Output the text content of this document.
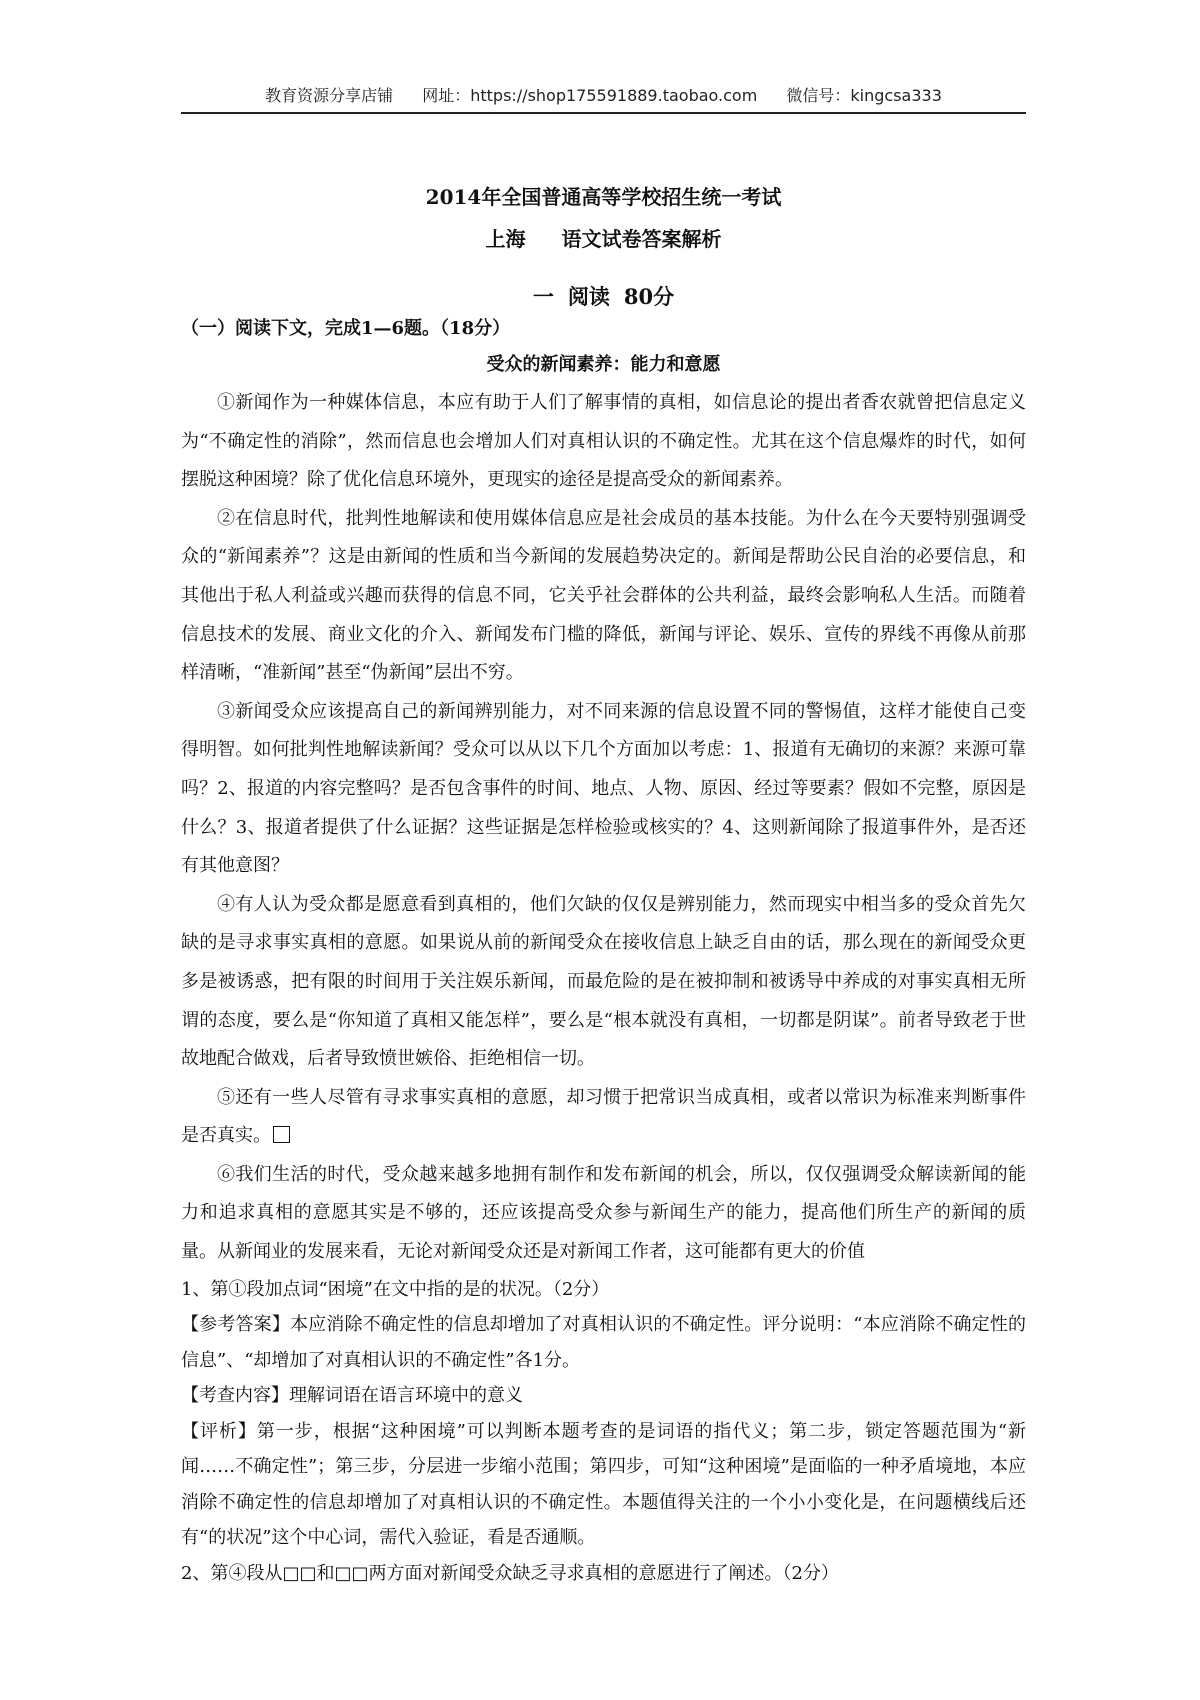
教育资源分享店铺 网址：https://shop175591889.taobao.com 微信号：kingcsa333
2014年全国普通高等学校招生统一考试
上海 语文试卷答案解析
一 阅读 80分

（一）阅读下文，完成1—6题。（18分）

受众的新闻素养：能力和意愿

①新闻作为一种媒体信息，本应有助于人们了解事情的真相，如信息论的提出者香农就曾把信息定义为“不确定性的消除”，然而信息也会增加人们对真相认识的不确定性。尤其在这个信息爆炸的时代，如何摆脱这种困境？除了优化信息环境外，更现实的途径是提高受众的新闻素养。

②在信息时代，批判性地解读和使用媒体信息应是社会成员的基本技能。为什么在今天要特别强调受众的“新闻素养”？这是由新闻的性质和当今新闻的发展趋势决定的。新闻是帮助公民自治的必要信息，和其他出于私人利益或兴趣而获得的信息不同，它关乎社会群体的公共利益，最终会影响私人生活。而随着信息技术的发展、商业文化的介入、新闻发布门槛的降低，新闻与评论、娱乐、宣传的界线不再像从前那样清晰，“准新闻”甚至“伪新闻”层出不穷。

③新闻受众应该提高自己的新闻辨别能力，对不同来源的信息设置不同的警惕值，这样才能使自己变得明智。如何批判性地解读新闻？受众可以从以下几个方面加以考虑：1、报道有无确切的来源？来源可靠吗？2、报道的内容完整吗？是否包含事件的时间、地点、人物、原因、经过等要素？假如不完整，原因是什么？3、报道者提供了什么证据？这些证据是怎样检验或核实的？4、这则新闻除了报道事件外，是否还有其他意图？

④有人认为受众都是愿意看到真相的，他们欠缺的仅仅是辨别能力，然而现实中相当多的受众首先欠缺的是寻求事实真相的意愿。如果说从前的新闻受众在接收信息上缺乏自由的话，那么现在的新闻受众更多是被诱惑，把有限的时间用于关注娱乐新闻，而最危险的是在被抑制和被诱导中养成的对事实真相无所谓的态度，要么是“你知道了真相又能怎样”，要么是“根本就没有真相，一切都是阴谋”。前者导致老于世故地配合做戏，后者导致愤世嫉俗、拒绝相信一切。

⑤还有一些人尽管有寻求事实真相的意愿，却习惯于把常识当成真相，或者以常识为标准来判断事件是否真实。

⑥我们生活的时代，受众越来越多地拥有制作和发布新闻的机会，所以，仅仅强调受众解读新闻的能力和追求真相的意愿其实是不够的，还应该提高受众参与新闻生产的能力，提高他们所生产的新闻的质量。从新闻业的发展来看，无论对新闻受众还是对新闻工作者，这可能都有更大的价值

1、第①段加点词“困境”在文中指的是的状况。（2分）

【参考答案】本应消除不确定性的信息却增加了对真相认识的不确定性。评分说明：“本应消除不确定性的信息”、“却增加了对真相认识的不确定性”各1分。

【考查内容】理解词语在语言环境中的意义

【评析】第一步，根据“这种困境”可以判断本题考查的是词语的指代义；第二步，锁定答题范围为“新闻……不确定性”；第三步，分层进一步缩小范围；第四步，可知“这种困境”是面临的一种矛盾境地，本应消除不确定性的信息却增加了对真相认识的不确定性。本题值得关注的一个小小变化是，在问题横线后还有“的状况”这个中心词，需代入验证，看是否通顺。

2、第④段从□□和□□两方面对新闻受众缺乏寻求真相的意愿进行了阐述。（2分）
